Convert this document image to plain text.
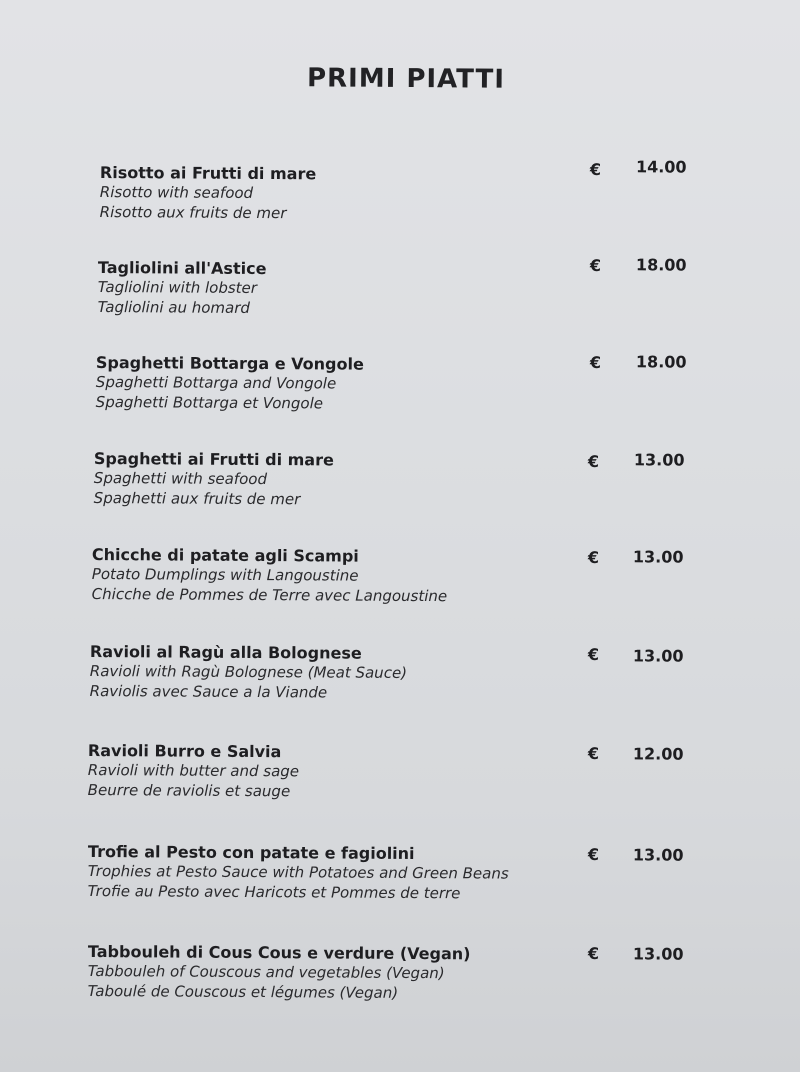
PRIMI PIATTI
Risotto ai Frutti di mare
Risotto with seafood
Risotto aux fruits de mer
€ 14.00
Tagliolini all'Astice
Tagliolini with lobster
Tagliolini au homard
€ 18.00
Spaghetti Bottarga e Vongole
Spaghetti Bottarga and Vongole
Spaghetti Bottarga et Vongole
€ 18.00
Spaghetti ai Frutti di mare
Spaghetti with seafood
Spaghetti aux fruits de mer
€ 13.00
Chicche di patate agli Scampi
Potato Dumplings with Langoustine
Chicche de Pommes de Terre avec Langoustine
€ 13.00
Ravioli al Ragù alla Bolognese
Ravioli with Ragù Bolognese (Meat Sauce)
Raviolis avec Sauce a la Viande
€ 13.00
Ravioli Burro e Salvia
Ravioli with butter and sage
Beurre de raviolis et sauge
€ 12.00
Trofie al Pesto con patate e fagiolini
Trophies at Pesto Sauce with Potatoes and Green Beans
Trofie au Pesto avec Haricots et Pommes de terre
€ 13.00
Tabbouleh di Cous Cous e verdure (Vegan)
Tabbouleh of Couscous and vegetables (Vegan)
Taboulé de Couscous et légumes (Vegan)
€ 13.00
